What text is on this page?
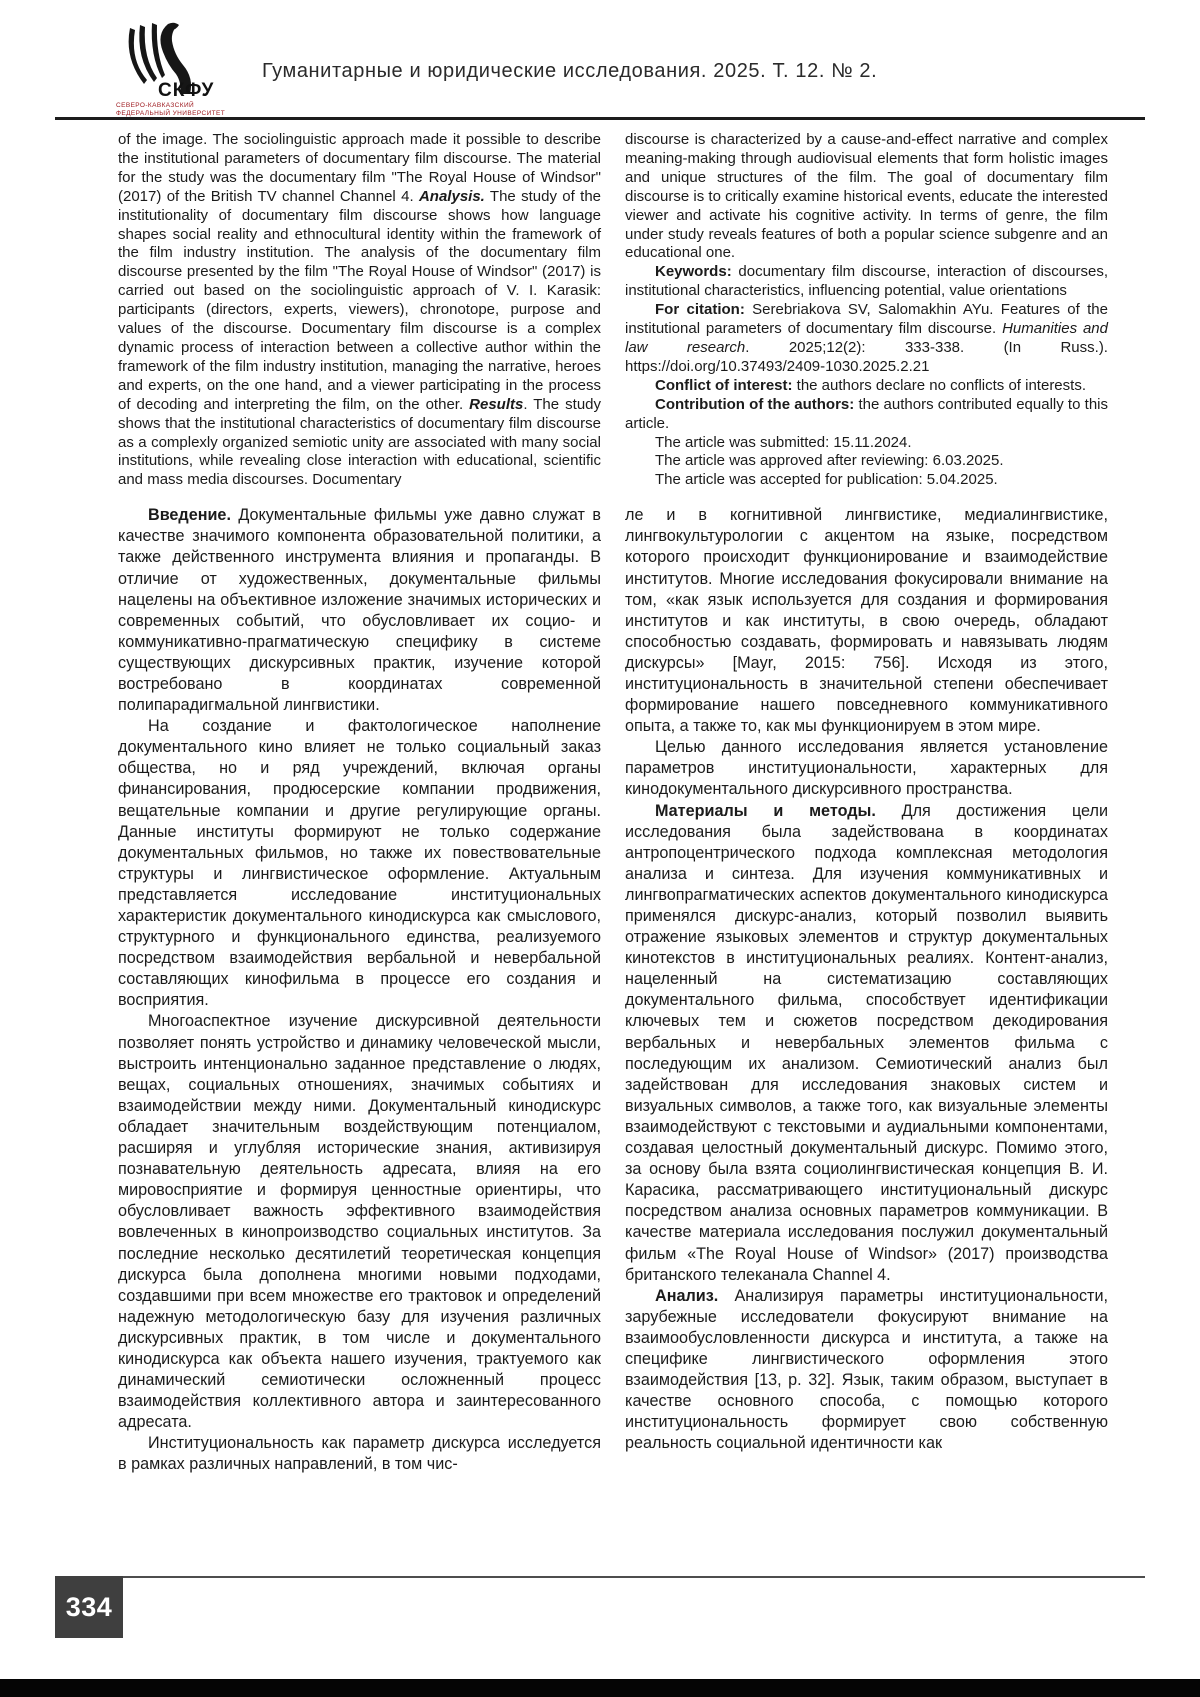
СКФУ
СЕВЕРО-КАВКАЗСКИЙ
ФЕДЕРАЛЬНЫЙ УНИВЕРСИТЕТ
Гуманитарные и юридические исследования. 2025. Т. 12. № 2.

of the image. The sociolinguistic approach made it possible to describe the institutional parameters of documentary film discourse. The material for the study was the documentary film "The Royal House of Windsor" (2017) of the British TV channel Channel 4. Analysis. The study of the institutionality of documentary film discourse shows how language shapes social reality and ethnocultural identity within the framework of the film industry institution. The analysis of the documentary film discourse presented by the film "The Royal House of Windsor" (2017) is carried out based on the sociolinguistic approach of V. I. Karasik: participants (directors, experts, viewers), chronotope, purpose and values of the discourse. Documentary film discourse is a complex dynamic process of interaction between a collective author within the framework of the film industry institution, managing the narrative, heroes and experts, on the one hand, and a viewer participating in the process of decoding and interpreting the film, on the other. Results. The study shows that the institutional characteristics of documentary film discourse as a complexly organized semiotic unity are associated with many social institutions, while revealing close interaction with educational, scientific and mass media discourses. Documentary

Введение. Документальные фильмы уже давно служат в качестве значимого компонента образовательной политики, а также действенного инструмента влияния и пропаганды. В отличие от художественных, документальные фильмы нацелены на объективное изложение значимых исторических и современных событий, что обусловливает их социо- и коммуникативно-прагматическую специфику в системе существующих дискурсивных практик, изучение которой востребовано в координатах современной полипарадигмальной лингвистики.

На создание и фактологическое наполнение документального кино влияет не только социальный заказ общества, но и ряд учреждений, включая органы финансирования, продюсерские компании продвижения, вещательные компании и другие регулирующие органы. Данные институты формируют не только содержание документальных фильмов, но также их повествовательные структуры и лингвистическое оформление. Актуальным представляется исследование институциональных характеристик документального кинодискурса как смыслового, структурного и функционального единства, реализуемого посредством взаимодействия вербальной и невербальной составляющих кинофильма в процессе его создания и восприятия.

Многоаспектное изучение дискурсивной деятельности позволяет понять устройство и динамику человеческой мысли, выстроить интенционально заданное представление о людях, вещах, социальных отношениях, значимых событиях и взаимодействии между ними. Документальный кинодискурс обладает значительным воздействующим потенциалом, расширяя и углубляя исторические знания, активизируя познавательную деятельность адресата, влияя на его мировосприятие и формируя ценностные ориентиры, что обусловливает важность эффективного взаимодействия вовлеченных в кинопроизводство социальных институтов. За последние несколько десятилетий теоретическая концепция дискурса была дополнена многими новыми подходами, создавшими при всем множестве его трактовок и определений надежную методологическую базу для изучения различных дискурсивных практик, в том числе и документального кинодискурса как объекта нашего изучения, трактуемого как динамический семиотически осложненный процесс взаимодействия коллективного автора и заинтересованного адресата.

Институциональность как параметр дискурса исследуется в рамках различных направлений, в том чис-

discourse is characterized by a cause-and-effect narrative and complex meaning-making through audiovisual elements that form holistic images and unique structures of the film. The goal of documentary film discourse is to critically examine historical events, educate the interested viewer and activate his cognitive activity. In terms of genre, the film under study reveals features of both a popular science subgenre and an educational one.

Keywords: documentary film discourse, interaction of discourses, institutional characteristics, influencing potential, value orientations

For citation: Serebriakova SV, Salomakhin AYu. Features of the institutional parameters of documentary film discourse. Humanities and law research. 2025;12(2): 333-338. (In Russ.). https://doi.org/10.37493/2409-1030.2025.2.21

Conflict of interest: the authors declare no conflicts of interests.

Contribution of the authors: the authors contributed equally to this article.

The article was submitted: 15.11.2024.

The article was approved after reviewing: 6.03.2025.

The article was accepted for publication: 5.04.2025.

ле и в когнитивной лингвистике, медиалингвистике, лингвокультурологии с акцентом на языке, посредством которого происходит функционирование и взаимодействие институтов. Многие исследования фокусировали внимание на том, «как язык используется для создания и формирования институтов и как институты, в свою очередь, обладают способностью создавать, формировать и навязывать людям дискурсы» [Mayr, 2015: 756]. Исходя из этого, институциональность в значительной степени обеспечивает формирование нашего повседневного коммуникативного опыта, а также то, как мы функционируем в этом мире.

Целью данного исследования является установление параметров институциональности, характерных для кинодокументального дискурсивного пространства.

Материалы и методы. Для достижения цели исследования была задействована в координатах антропоцентрического подхода комплексная методология анализа и синтеза. Для изучения коммуникативных и лингвопрагматических аспектов документального кинодискурса применялся дискурс-анализ, который позволил выявить отражение языковых элементов и структур документальных кинотекстов в институциональных реалиях. Контент-анализ, нацеленный на систематизацию составляющих документального фильма, способствует идентификации ключевых тем и сюжетов посредством декодирования вербальных и невербальных элементов фильма с последующим их анализом. Семиотический анализ был задействован для исследования знаковых систем и визуальных символов, а также того, как визуальные элементы взаимодействуют с текстовыми и аудиальными компонентами, создавая целостный документальный дискурс. Помимо этого, за основу была взята социолингвистическая концепция В. И. Карасика, рассматривающего институциональный дискурс посредством анализа основных параметров коммуникации. В качестве материала исследования послужил документальный фильм «The Royal House of Windsor» (2017) производства британского телеканала Channel 4.

Анализ. Анализируя параметры институциональности, зарубежные исследователи фокусируют внимание на взаимообусловленности дискурса и института, а также на специфике лингвистического оформления этого взаимодействия [13, p. 32]. Язык, таким образом, выступает в качестве основного способа, с помощью которого институциональность формирует свою собственную реальность социальной идентичности как

334
